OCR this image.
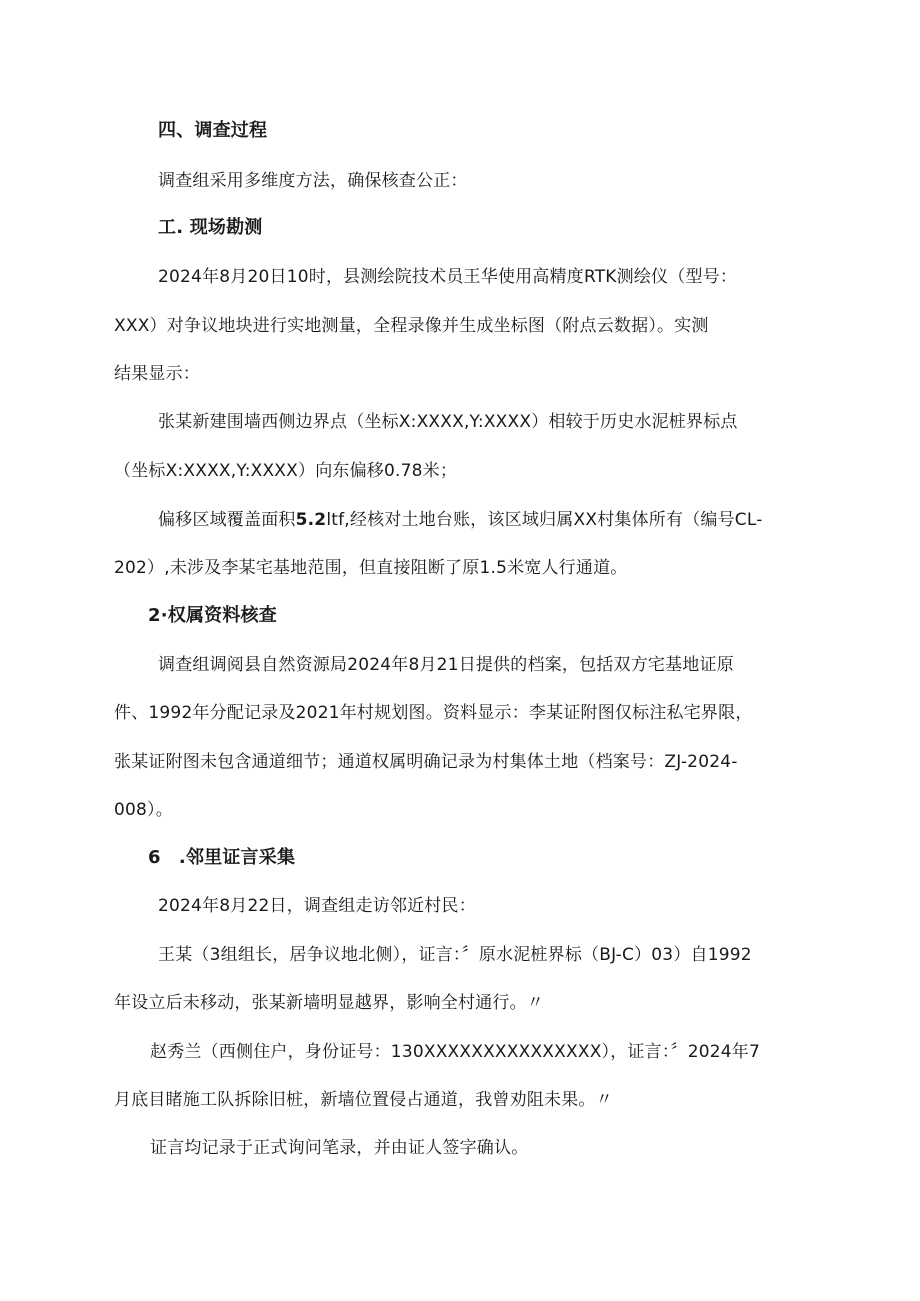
四、调查过程
调查组采用多维度方法，确保核查公正：
工. 现场勘测
2024年8月20日10时，县测绘院技术员王华使用高精度RTK测绘仪（型号：
XXX）对争议地块进行实地测量，全程录像并生成坐标图（附点云数据）。实测
结果显示：
张某新建围墙西侧边界点（坐标X:XXXX,Y:XXXX）相较于历史水泥桩界标点
（坐标X:XXXX,Y:XXXX）向东偏移0.78米；
偏移区域覆盖面积5.2ltf,经核对土地台账，该区域归属XX村集体所有（编号CL-
202）,未涉及李某宅基地范围，但直接阻断了原1.5米宽人行通道。
2·权属资料核查
调查组调阅县自然资源局2024年8月21日提供的档案，包括双方宅基地证原
件、1992年分配记录及2021年村规划图。资料显示：李某证附图仅标注私宅界限，
张某证附图未包含通道细节；通道权属明确记录为村集体土地（档案号：ZJ-2024-
008）。
6　.邻里证言采集
2024年8月22日，调查组走访邻近村民：
王某（3组组长，居争议地北侧），证言：〞原水泥桩界标（BJ-C）03）自1992
年设立后未移动，张某新墙明显越界，影响全村通行。〃
赵秀兰（西侧住户，身份证号：130XXXXXXXXXXXXXXX），证言：〞2024年7
月底目睹施工队拆除旧桩，新墙位置侵占通道，我曾劝阻未果。〃
证言均记录于正式询问笔录，并由证人签字确认。
